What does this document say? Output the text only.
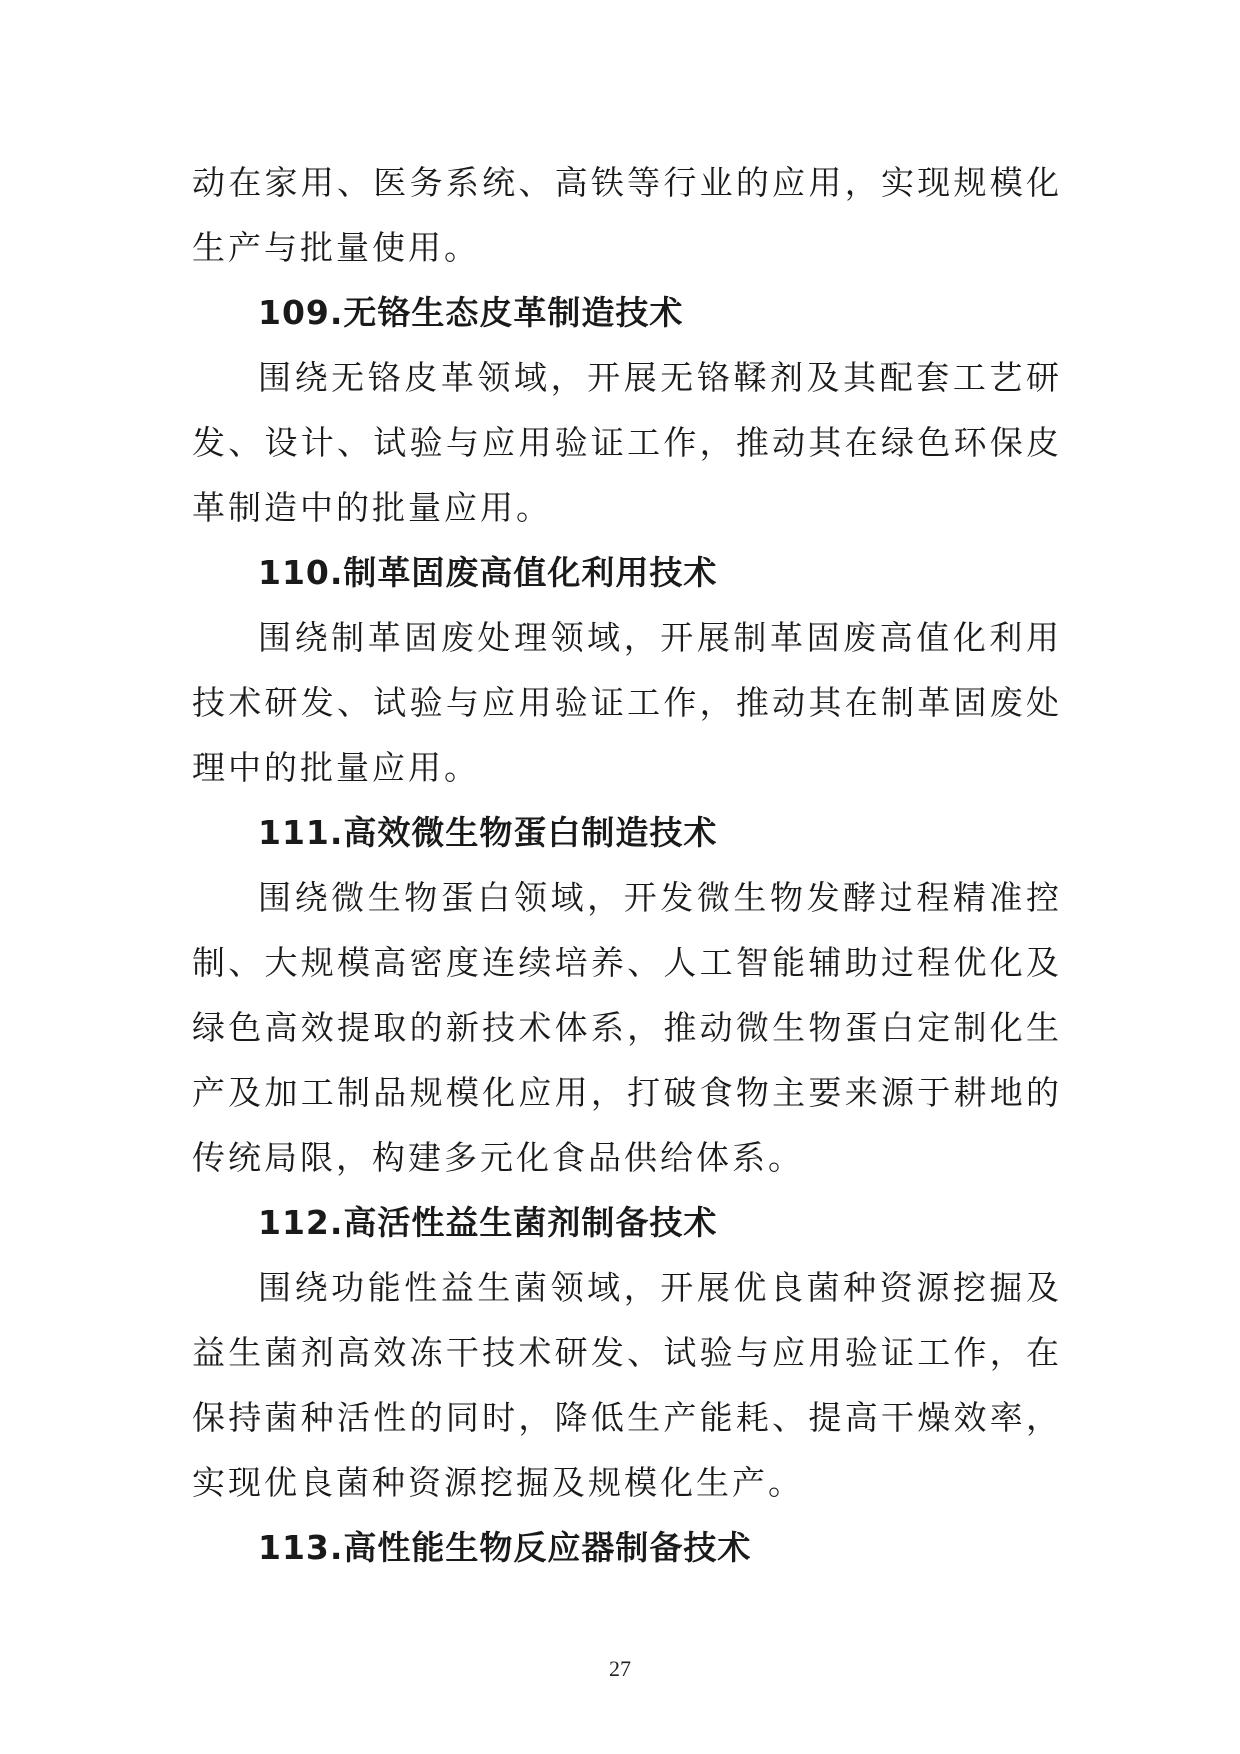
动在家用、医务系统、高铁等行业的应用，实现规模化生产与批量使用。

109.无铬生态皮革制造技术

围绕无铬皮革领域，开展无铬鞣剂及其配套工艺研发、设计、试验与应用验证工作，推动其在绿色环保皮革制造中的批量应用。

110.制革固废高值化利用技术

围绕制革固废处理领域，开展制革固废高值化利用技术研发、试验与应用验证工作，推动其在制革固废处理中的批量应用。

111.高效微生物蛋白制造技术

围绕微生物蛋白领域，开发微生物发酵过程精准控制、大规模高密度连续培养、人工智能辅助过程优化及绿色高效提取的新技术体系，推动微生物蛋白定制化生产及加工制品规模化应用，打破食物主要来源于耕地的传统局限，构建多元化食品供给体系。

112.高活性益生菌剂制备技术

围绕功能性益生菌领域，开展优良菌种资源挖掘及益生菌剂高效冻干技术研发、试验与应用验证工作，在保持菌种活性的同时，降低生产能耗、提高干燥效率，实现优良菌种资源挖掘及规模化生产。

113.高性能生物反应器制备技术

27
